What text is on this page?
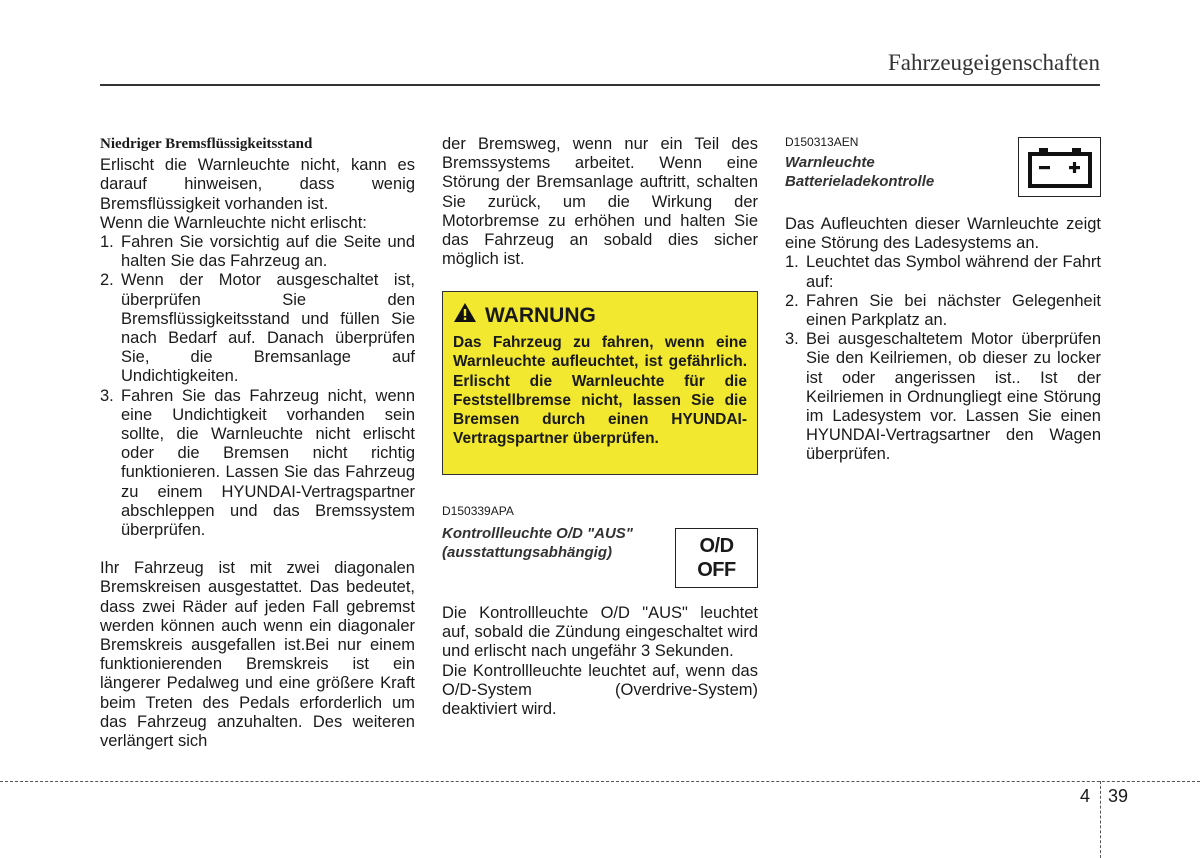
Fahrzeugeigenschaften

Niedriger Bremsflüssigkeitsstand

Erlischt die Warnleuchte nicht, kann es darauf hinweisen, dass wenig Bremsflüssigkeit vorhanden ist.

Wenn die Warnleuchte nicht erlischt:

1. Fahren Sie vorsichtig auf die Seite und halten Sie das Fahrzeug an.
2. Wenn der Motor ausgeschaltet ist, überprüfen Sie den Bremsflüssigkeitsstand und füllen Sie nach Bedarf auf. Danach überprüfen Sie, die Bremsanlage auf Undichtigkeiten.
3. Fahren Sie das Fahrzeug nicht, wenn eine Undichtigkeit vorhanden sein sollte, die Warnleuchte nicht erlischt oder die Bremsen nicht richtig funktionieren. Lassen Sie das Fahrzeug zu einem HYUNDAI-Vertragspartner abschleppen und das Bremssystem überprüfen.

Ihr Fahrzeug ist mit zwei diagonalen Bremskreisen ausgestattet. Das bedeutet, dass zwei Räder auf jeden Fall gebremst werden können auch wenn ein diagonaler Bremskreis ausgefallen ist.Bei nur einem funktionierenden Bremskreis ist ein längerer Pedalweg und eine größere Kraft beim Treten des Pedals erforderlich um das Fahrzeug anzuhalten. Des weiteren verlängert sich

der Bremsweg, wenn nur ein Teil des Bremssystems arbeitet. Wenn eine Störung der Bremsanlage auftritt, schalten Sie zurück, um die Wirkung der Motorbremse zu erhöhen und halten Sie das Fahrzeug an sobald dies sicher möglich ist.

WARNUNG
Das Fahrzeug zu fahren, wenn eine Warnleuchte aufleuchtet, ist gefährlich. Erlischt die Warnleuchte für die Feststellbremse nicht, lassen Sie die Bremsen durch einen HYUNDAI-Vertragspartner überprüfen.

D150339APA

Kontrollleuchte O/D "AUS"
(ausstattungsabhängig)	O/D
OFF

Die Kontrollleuchte O/D "AUS" leuchtet auf, sobald die Zündung eingeschaltet wird und erlischt nach ungefähr 3 Sekunden.

Die Kontrollleuchte leuchtet auf, wenn das O/D-System (Overdrive-System) deaktiviert wird.

D150313AEN

Warnleuchte
Batterieladekontrolle

Das Aufleuchten dieser Warnleuchte zeigt eine Störung des Ladesystems an.

1. Leuchtet das Symbol während der Fahrt auf:
2. Fahren Sie bei nächster Gelegenheit einen Parkplatz an.
3. Bei ausgeschaltetem Motor überprüfen Sie den Keilriemen, ob dieser zu locker ist oder angerissen ist.. Ist der Keilriemen in Ordnungliegt eine Störung im Ladesystem vor. Lassen Sie einen HYUNDAI-Vertragsartner den Wagen überprüfen.
4 39
